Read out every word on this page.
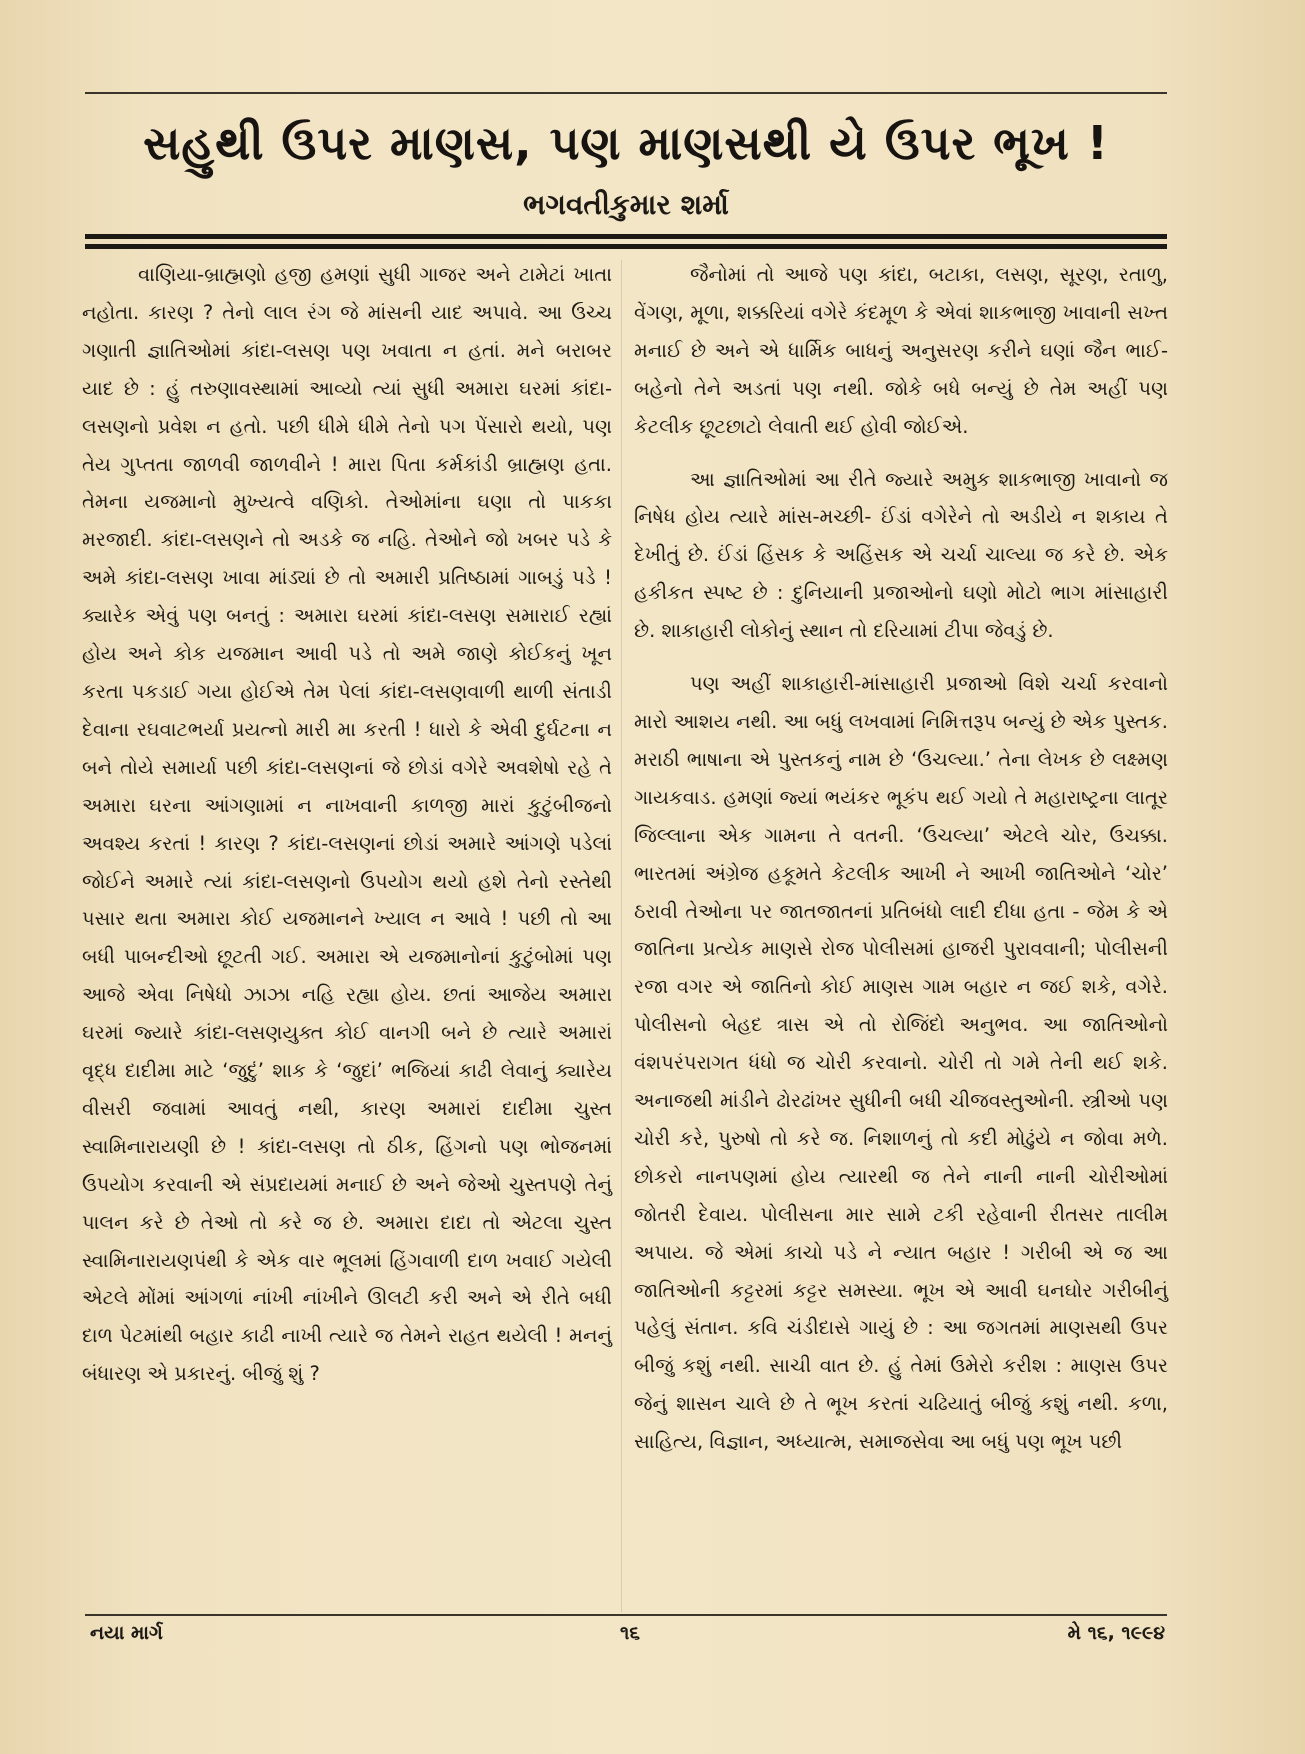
સહુથી ઉપર માણસ, પણ માણસથી યે ઉપર ભૂખ !
ભગવતીકુમાર શર્મા

વાણિયા-બ્રાહ્મણો હજી હમણાં સુધી ગાજર અને ટામેટાં ખાતા નહોતા. કારણ ? તેનો લાલ રંગ જે માંસની યાદ અપાવે. આ ઉચ્ચ ગણાતી જ્ઞાતિઓમાં કાંદા-લસણ પણ ખવાતા ન હતાં. મને બરાબર યાદ છે : હું તરુણાવસ્થામાં આવ્યો ત્યાં સુધી અમારા ઘરમાં કાંદા-લસણનો પ્રવેશ ન હતો. પછી ધીમે ધીમે તેનો પગ પેંસારો થયો, પણ તેય ગુપ્તતા જાળવી જાળવીને ! મારા પિતા કર્મકાંડી બ્રાહ્મણ હતા. તેમના યજમાનો મુખ્યત્વે વણિકો. તેઓમાંના ઘણા તો પાકકા મરજાદી. કાંદા-લસણને તો અડકે જ નહિ. તેઓને જો ખબર પડે કે અમે કાંદા-લસણ ખાવા માંડ્યાં છે તો અમારી પ્રતિષ્ઠામાં ગાબડું પડે ! ક્યારેક એવું પણ બનતું : અમારા ઘરમાં કાંદા-લસણ સમારાઈ રહ્યાં હોય અને કોક યજમાન આવી પડે તો અમે જાણે કોઈકનું ખૂન કરતા પકડાઈ ગયા હોઈએ તેમ પેલાં કાંદા-લસણવાળી થાળી સંતાડી દેવાના રઘવાટભર્યા પ્રયત્નો મારી મા કરતી ! ધારો કે એવી દુર્ઘટના ન બને તોયે સમાર્યા પછી કાંદા-લસણનાં જે છોડાં વગેરે અવશેષો રહે તે અમારા ઘરના આંગણામાં ન નાખવાની કાળજી મારાં કુટુંબીજનો અવશ્ય કરતાં ! કારણ ? કાંદા-લસણનાં છોડાં અમારે આંગણે પડેલાં જોઈને અમારે ત્યાં કાંદા-લસણનો ઉપયોગ થયો હશે તેનો રસ્તેથી પસાર થતા અમારા કોઈ યજમાનને ખ્યાલ ન આવે ! પછી તો આ બધી પાબન્દીઓ છૂટતી ગઈ. અમારા એ યજમાનોનાં કુટુંબોમાં પણ આજે એવા નિષેધો ઝાઝા નહિ રહ્યા હોય. છતાં આજેય અમારા ઘરમાં જ્યારે કાંદા-લસણયુક્ત કોઈ વાનગી બને છે ત્યારે અમારાં વૃદ્ધ દાદીમા માટે ‘જુદું’ શાક કે ‘જુદાં’ ભજિયાં કાઢી લેવાનું ક્યારેય વીસરી જવામાં આવતું નથી, કારણ અમારાં દાદીમા ચુસ્ત સ્વામિનારાયણી છે ! કાંદા-લસણ તો ઠીક, હિંગનો પણ ભોજનમાં ઉપયોગ કરવાની એ સંપ્રદાયમાં મનાઈ છે અને જેઓ ચુસ્તપણે તેનું પાલન કરે છે તેઓ તો કરે જ છે. અમારા દાદા તો એટલા ચુસ્ત સ્વામિનારાયણપંથી કે એક વાર ભૂલમાં હિંગવાળી દાળ ખવાઈ ગયેલી એટલે મોંમાં આંગળાં નાંખી નાંખીને ઊલટી કરી અને એ રીતે બધી દાળ પેટમાંથી બહાર કાઢી નાખી ત્યારે જ તેમને રાહત થયેલી ! મનનું બંધારણ એ પ્રકારનું. બીજું શું ?

જૈનોમાં તો આજે પણ કાંદા, બટાકા, લસણ, સૂરણ, રતાળુ, વેંગણ, મૂળા, શક્કરિયાં વગેરે કંદમૂળ કે એવાં શાકભાજી ખાવાની સખ્ત મનાઈ છે અને એ ધાર્મિક બાધનું અનુસરણ કરીને ઘણાં જૈન ભાઈ-બહેનો તેને અડતાં પણ નથી. જોકે બધે બન્યું છે તેમ અહીં પણ કેટલીક છૂટછાટો લેવાતી થઈ હોવી જોઈએ.

આ જ્ઞાતિઓમાં આ રીતે જ્યારે અમુક શાકભાજી ખાવાનો જ નિષેધ હોય ત્યારે માંસ-મચ્છી- ઈંડાં વગેરેને તો અડીયે ન શકાય તે દેખીતું છે. ઈંડાં હિંસક કે અહિંસક એ ચર્ચા ચાલ્યા જ કરે છે. એક હકીકત સ્પષ્ટ છે : દુનિયાની પ્રજાઓનો ઘણો મોટો ભાગ માંસાહારી છે. શાકાહારી લોકોનું સ્થાન તો દરિયામાં ટીપા જેવડું છે.

પણ અહીં શાકાહારી-માંસાહારી પ્રજાઓ વિશે ચર્ચા કરવાનો મારો આશય નથી. આ બધું લખવામાં નિમિત્તરૂપ બન્યું છે એક પુસ્તક. મરાઠી ભાષાના એ પુસ્તકનું નામ છે ‘ઉચલ્યા.’ તેના લેખક છે લક્ષ્મણ ગાયકવાડ. હમણાં જ્યાં ભયંકર ભૂકંપ થઈ ગયો તે મહારાષ્ટ્રના લાતૂર જિલ્લાના એક ગામના તે વતની. ‘ઉચલ્યા’ એટલે ચોર, ઉચક્કા. ભારતમાં અંગ્રેજ હકૂમતે કેટલીક આખી ને આખી જાતિઓને ‘ચોર’ ઠરાવી તેઓના પર જાતજાતનાં પ્રતિબંધો લાદી દીધા હતા - જેમ કે એ જાતિના પ્રત્યેક માણસે રોજ પોલીસમાં હાજરી પુરાવવાની; પોલીસની રજા વગર એ જાતિનો કોઈ માણસ ગામ બહાર ન જઈ શકે, વગેરે. પોલીસનો બેહદ ત્રાસ એ તો રોજિંદો અનુભવ. આ જાતિઓનો વંશપરંપરાગત ધંધો જ ચોરી કરવાનો. ચોરી તો ગમે તેની થઈ શકે. અનાજથી માંડીને ઢોરઢાંખર સુધીની બધી ચીજવસ્તુઓની. સ્ત્રીઓ પણ ચોરી કરે, પુરુષો તો કરે જ. નિશાળનું તો કદી મોઢુંયે ન જોવા મળે. છોકરો નાનપણમાં હોય ત્યારથી જ તેને નાની નાની ચોરીઓમાં જોતરી દેવાય. પોલીસના માર સામે ટકી રહેવાની રીતસર તાલીમ અપાય. જે એમાં કાચો પડે ને ન્યાત બહાર ! ગરીબી એ જ આ જાતિઓની કટ્ટરમાં કટ્ટર સમસ્યા. ભૂખ એ આવી ઘનઘોર ગરીબીનું પહેલું સંતાન. કવિ ચંડીદાસે ગાયું છે : આ જગતમાં માણસથી ઉપર બીજું કશું નથી. સાચી વાત છે. હું તેમાં ઉમેરો કરીશ : માણસ ઉપર જેનું શાસન ચાલે છે તે ભૂખ કરતાં ચઢિયાતું બીજું કશું નથી. કળા, સાહિત્ય, વિજ્ઞાન, અધ્યાત્મ, સમાજસેવા આ બધું પણ ભૂખ પછી

નયા માર્ગ	૧૬	મે ૧૬, ૧૯૯૪
